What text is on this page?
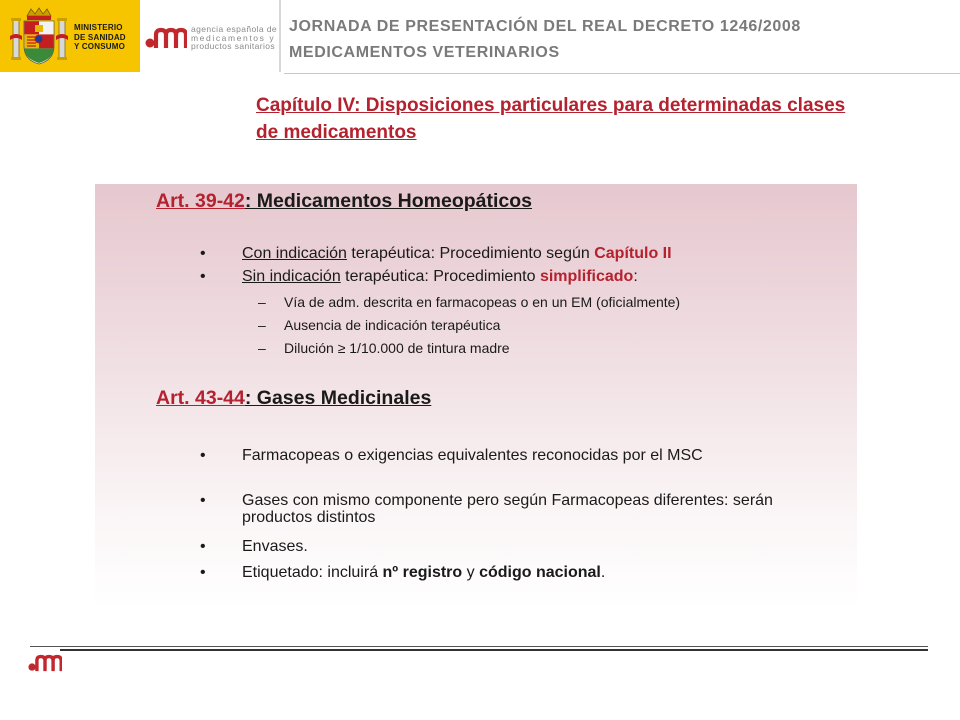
MINISTERIO
DE SANIDAD
Y CONSUMO
agencia española de
medicamentos y
productos sanitarios
JORNADA DE PRESENTACIÓN DEL REAL DECRETO 1246/2008
MEDICAMENTOS VETERINARIOS
Capítulo IV: Disposiciones particulares para determinadas clases de medicamentos
Art. 39-42: Medicamentos Homeopáticos
• Con indicación terapéutica: Procedimiento según Capítulo II
• Sin indicación terapéutica: Procedimiento simplificado:
– Vía de adm. descrita en farmacopeas o en un EM (oficialmente)
– Ausencia de indicación terapéutica
– Dilución ≥ 1/10.000 de tintura madre
Art. 43-44: Gases Medicinales
• Farmacopeas o exigencias equivalentes reconocidas por el MSC
• Gases con mismo componente pero según Farmacopeas diferentes: serán productos distintos
• Envases.
• Etiquetado: incluirá nº registro y código nacional.
